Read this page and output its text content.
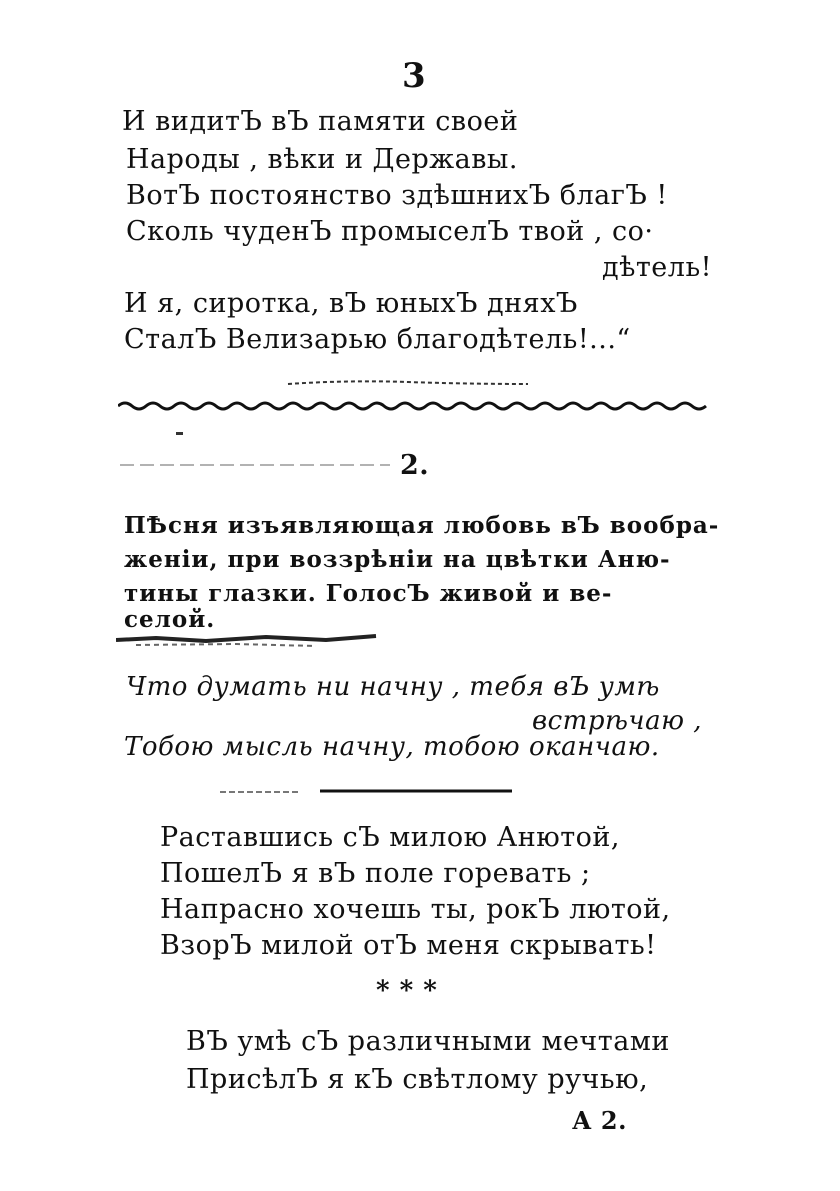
3
И видитЪ вЪ памяти своей
Народы , вѣки и Державы.
ВотЪ постоянство здѣшнихЪ благЪ !
Сколь чуденЪ промыселЪ твой , со·
дѣтель!
И я, сиротка, вЪ юныхЪ дняхЪ
СталЪ Велизарью благодѣтель!...“
2.
ПѢсня изъявляющая любовь вЪ вообра-
женіи, при воззрѣніи на цвѣтки Аню-
тины глазки. ГолосЪ живой и ве-
селой.
Что думать ни начну , тебя вЪ умѣ
встрѣчаю ,
Тобою мысль начну, тобою оканчаю.
Раставшись сЪ милою Анютой,
ПошелЪ я вЪ поле горевать ;
Напрасно хочешь ты, рокЪ лютой,
ВзорЪ милой отЪ меня скрывать!
* * *
ВЪ умѣ сЪ различными мечтами
ПрисѣлЪ я кЪ свѣтлому ручью,
А 2.
